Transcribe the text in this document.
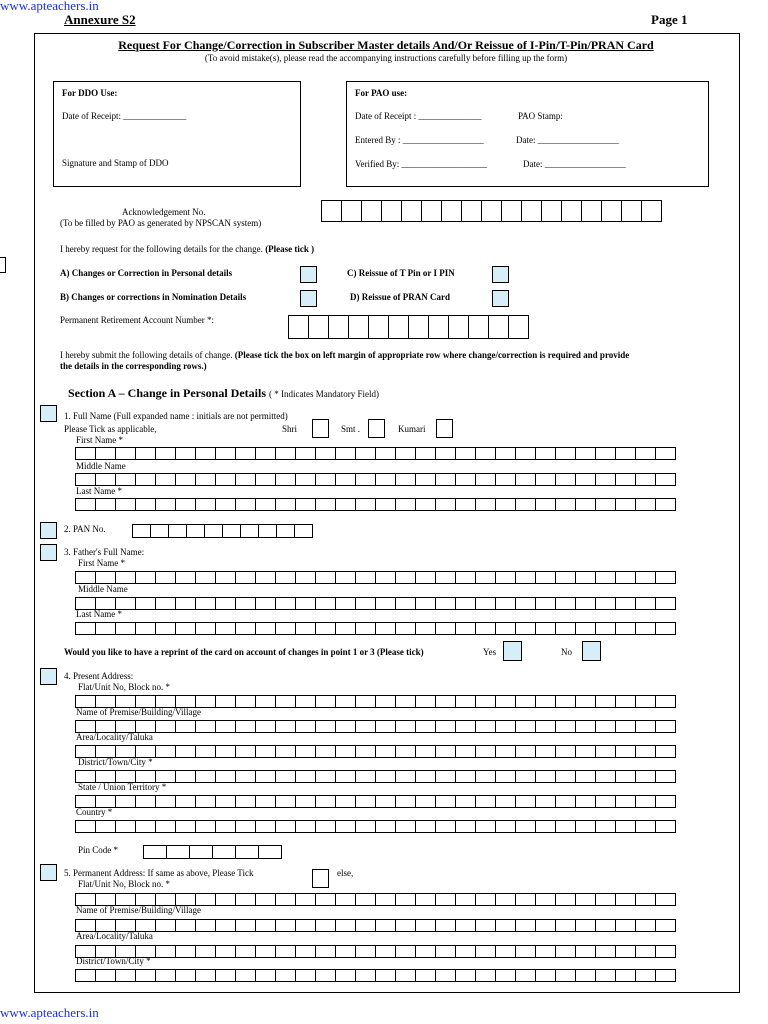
www.apteachers.in
Annexure S2	Page 1
Request For Change/Correction in Subscriber Master details And/Or Reissue of I-Pin/T-Pin/PRAN Card
(To avoid mistake(s), please read the accompanying instructions carefully before filling up the form)
For DDO Use:
Date of Receipt: ______________
Signature and Stamp of DDO
For PAO use:
Date of Receipt : ______________	PAO Stamp:
Entered By : __________________	Date: __________________
Verified By: ___________________	Date: __________________
Acknowledgement No.
(To be filled by PAO as generated by NPSCAN system)
I hereby request for the following details for the change. (Please tick )
A) Changes or Correction in Personal details	C) Reissue of T Pin or I PIN
B) Changes or corrections in Nomination Details	D) Reissue of PRAN Card
Permanent Retirement Account Number *:
I hereby submit the following details of change. (Please tick the box on left margin of appropriate row where change/correction is required and provide
the details in the corresponding rows.)
Section A – Change in Personal Details ( * Indicates Mandatory Field)
1. Full Name (Full expanded name : initials are not permitted)
Please Tick as applicable,	Shri	Smt .	Kumari
First Name *
Middle Name
Last Name *
2. PAN No.
3. Father's Full Name:
First Name *
Middle Name
Last Name *
Would you like to have a reprint of the card on account of changes in point 1 or 3 (Please tick)	Yes	No
4. Present Address:
Flat/Unit No, Block no. *
Name of Premise/Building/Village
Area/Locality/Taluka
District/Town/City *
State / Union Territory *
Country *
Pin Code *
5. Permanent Address: If same as above, Please Tick	else,
Flat/Unit No, Block no. *
Name of Premise/Building/Village
Area/Locality/Taluka
District/Town/City *
www.apteachers.in
